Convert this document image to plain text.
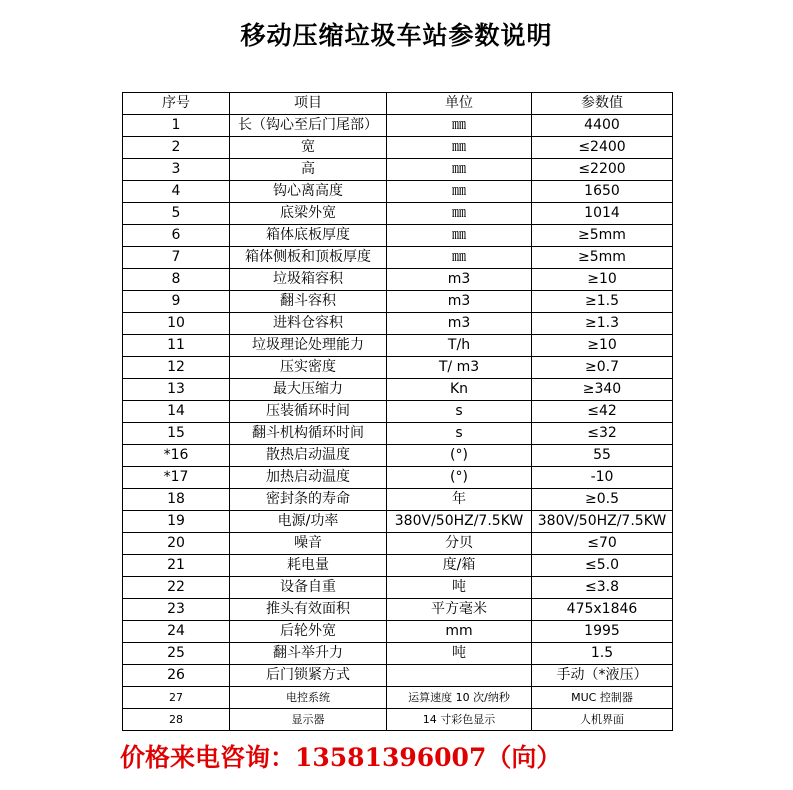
移动压缩垃圾车站参数说明
序号	项目	单位	参数值
1	长（钩心至后门尾部）	㎜	4400
2	宽	㎜	≤2400
3	高	㎜	≤2200
4	钩心离高度	㎜	1650
5	底梁外宽	㎜	1014
6	箱体底板厚度	㎜	≥5mm
7	箱体侧板和顶板厚度	㎜	≥5mm
8	垃圾箱容积	m3	≥10
9	翻斗容积	m3	≥1.5
10	进料仓容积	m3	≥1.3
11	垃圾理论处理能力	T/h	≥10
12	压实密度	T/ m3	≥0.7
13	最大压缩力	Kn	≥340
14	压装循环时间	s	≤42
15	翻斗机构循环时间	s	≤32
*16	散热启动温度	(°)	55
*17	加热启动温度	(°)	-10
18	密封条的寿命	年	≥0.5
19	电源/功率	380V/50HZ/7.5KW	380V/50HZ/7.5KW
20	噪音	分贝	≤70
21	耗电量	度/箱	≤5.0
22	设备自重	吨	≤3.8
23	推头有效面积	平方毫米	475x1846
24	后轮外宽	mm	1995
25	翻斗举升力	吨	1.5
26	后门锁紧方式		手动（*液压）
27	电控系统	运算速度 10 次/纳秒	MUC 控制器
28	显示器	14 寸彩色显示	人机界面
价格来电咨询：13581396007（向）
